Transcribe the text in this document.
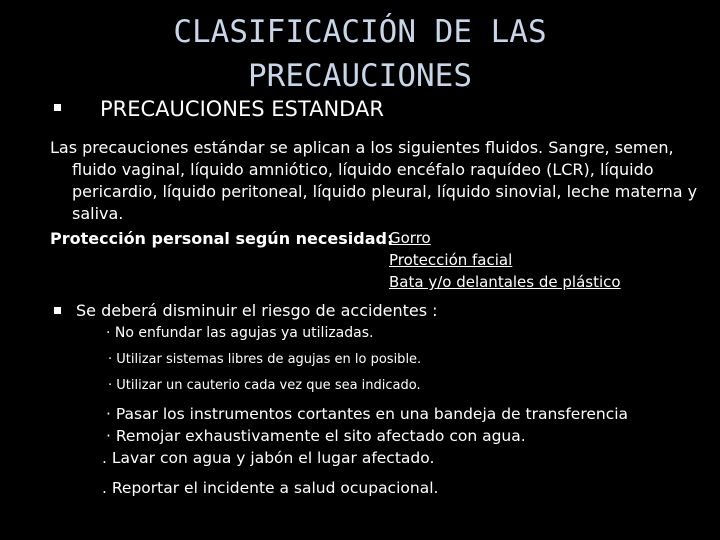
CLASIFICACIÓN DE LAS
PRECAUCIONES
PRECAUCIONES ESTANDAR
Las precauciones estándar se aplican a los siguientes fluidos. Sangre, semen,
fluido vaginal, líquido amniótico, líquido encéfalo raquídeo (LCR), líquido
pericardio, líquido peritoneal, líquido pleural, líquido sinovial, leche materna y
saliva.
Protección personal según necesidad:
Gorro
Protección facial
Bata y/o delantales de plástico
Se deberá disminuir el riesgo de accidentes :
· No enfundar las agujas ya utilizadas.
· Utilizar sistemas libres de agujas en lo posible.
· Utilizar un cauterio cada vez que sea indicado.
· Pasar los instrumentos cortantes en una bandeja de transferencia
· Remojar exhaustivamente el sito afectado con agua.
. Lavar con agua y jabón el lugar afectado.
. Reportar el incidente a salud ocupacional.
